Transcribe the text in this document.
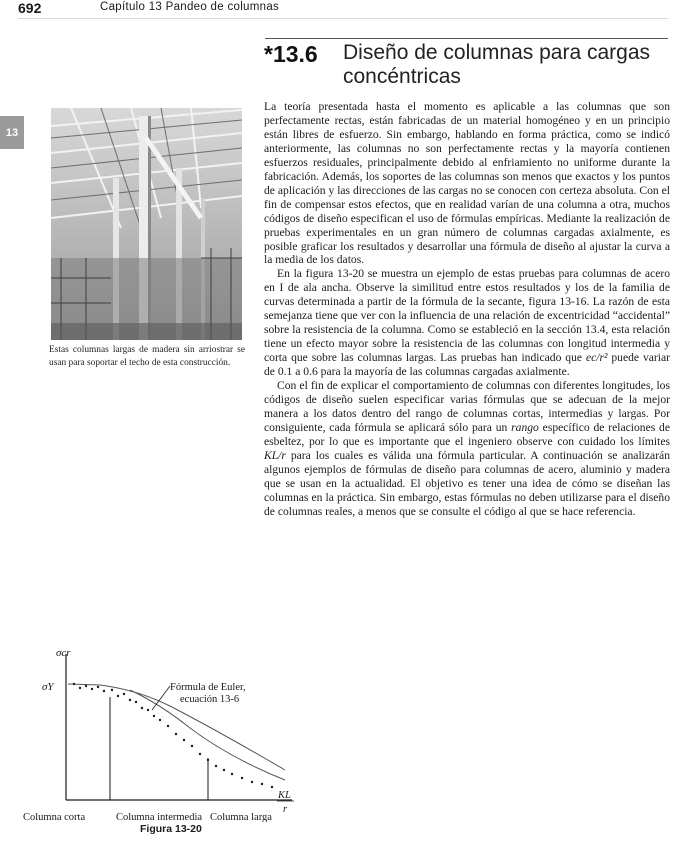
692	Capítulo 13 Pandeo de columnas
13
*13.6 Diseño de columnas para cargas concéntricas
Estas columnas largas de madera sin arriostrar se usan para soportar el techo de esta construcción.

La teoría presentada hasta el momento es aplicable a las columnas que son perfectamente rectas, están fabricadas de un material homogéneo y en un principio están libres de esfuerzo. Sin embargo, hablando en forma práctica, como se indicó anteriormente, las columnas no son perfectamente rectas y la mayoría contienen esfuerzos residuales, principalmente debido al enfriamiento no uniforme durante la fabricación. Además, los soportes de las columnas son menos que exactos y los puntos de aplicación y las direcciones de las cargas no se conocen con certeza absoluta. Con el fin de compensar estos efectos, que en realidad varían de una columna a otra, muchos códigos de diseño especifican el uso de fórmulas empíricas. Mediante la realización de pruebas experimentales en un gran número de columnas cargadas axialmente, es posible graficar los resultados y desarrollar una fórmula de diseño al ajustar la curva a la media de los datos.

En la figura 13-20 se muestra un ejemplo de estas pruebas para columnas de acero en I de ala ancha. Observe la similitud entre estos resultados y los de la familia de curvas determinada a partir de la fórmula de la secante, figura 13-16. La razón de esta semejanza tiene que ver con la influencia de una relación de excentricidad “accidental” sobre la resistencia de la columna. Como se estableció en la sección 13.4, esta relación tiene un efecto mayor sobre la resistencia de las columnas con longitud intermedia y corta que sobre las columnas largas. Las pruebas han indicado que ec/r² puede variar de 0.1 a 0.6 para la mayoría de las columnas cargadas axialmente.

Con el fin de explicar el comportamiento de columnas con diferentes longitudes, los códigos de diseño suelen especificar varias fórmulas que se adecuan de la mejor manera a los datos dentro del rango de columnas cortas, intermedias y largas. Por consiguiente, cada fórmula se aplicará sólo para un rango específico de relaciones de esbeltez, por lo que es importante que el ingeniero observe con cuidado los límites KL/r para los cuales es válida una fórmula particular. A continuación se analizarán algunos ejemplos de fórmulas de diseño para columnas de acero, aluminio y madera que se usan en la actualidad. El objetivo es tener una idea de cómo se diseñan las columnas en la práctica. Sin embargo, estas fórmulas no deben utilizarse para el diseño de columnas reales, a menos que se consulte el código al que se hace referencia.

σcr
σY	Fórmula de Euler,
ecuación 13-6
KL
r
Columna corta	Columna intermedia Columna larga
Figura 13-20
